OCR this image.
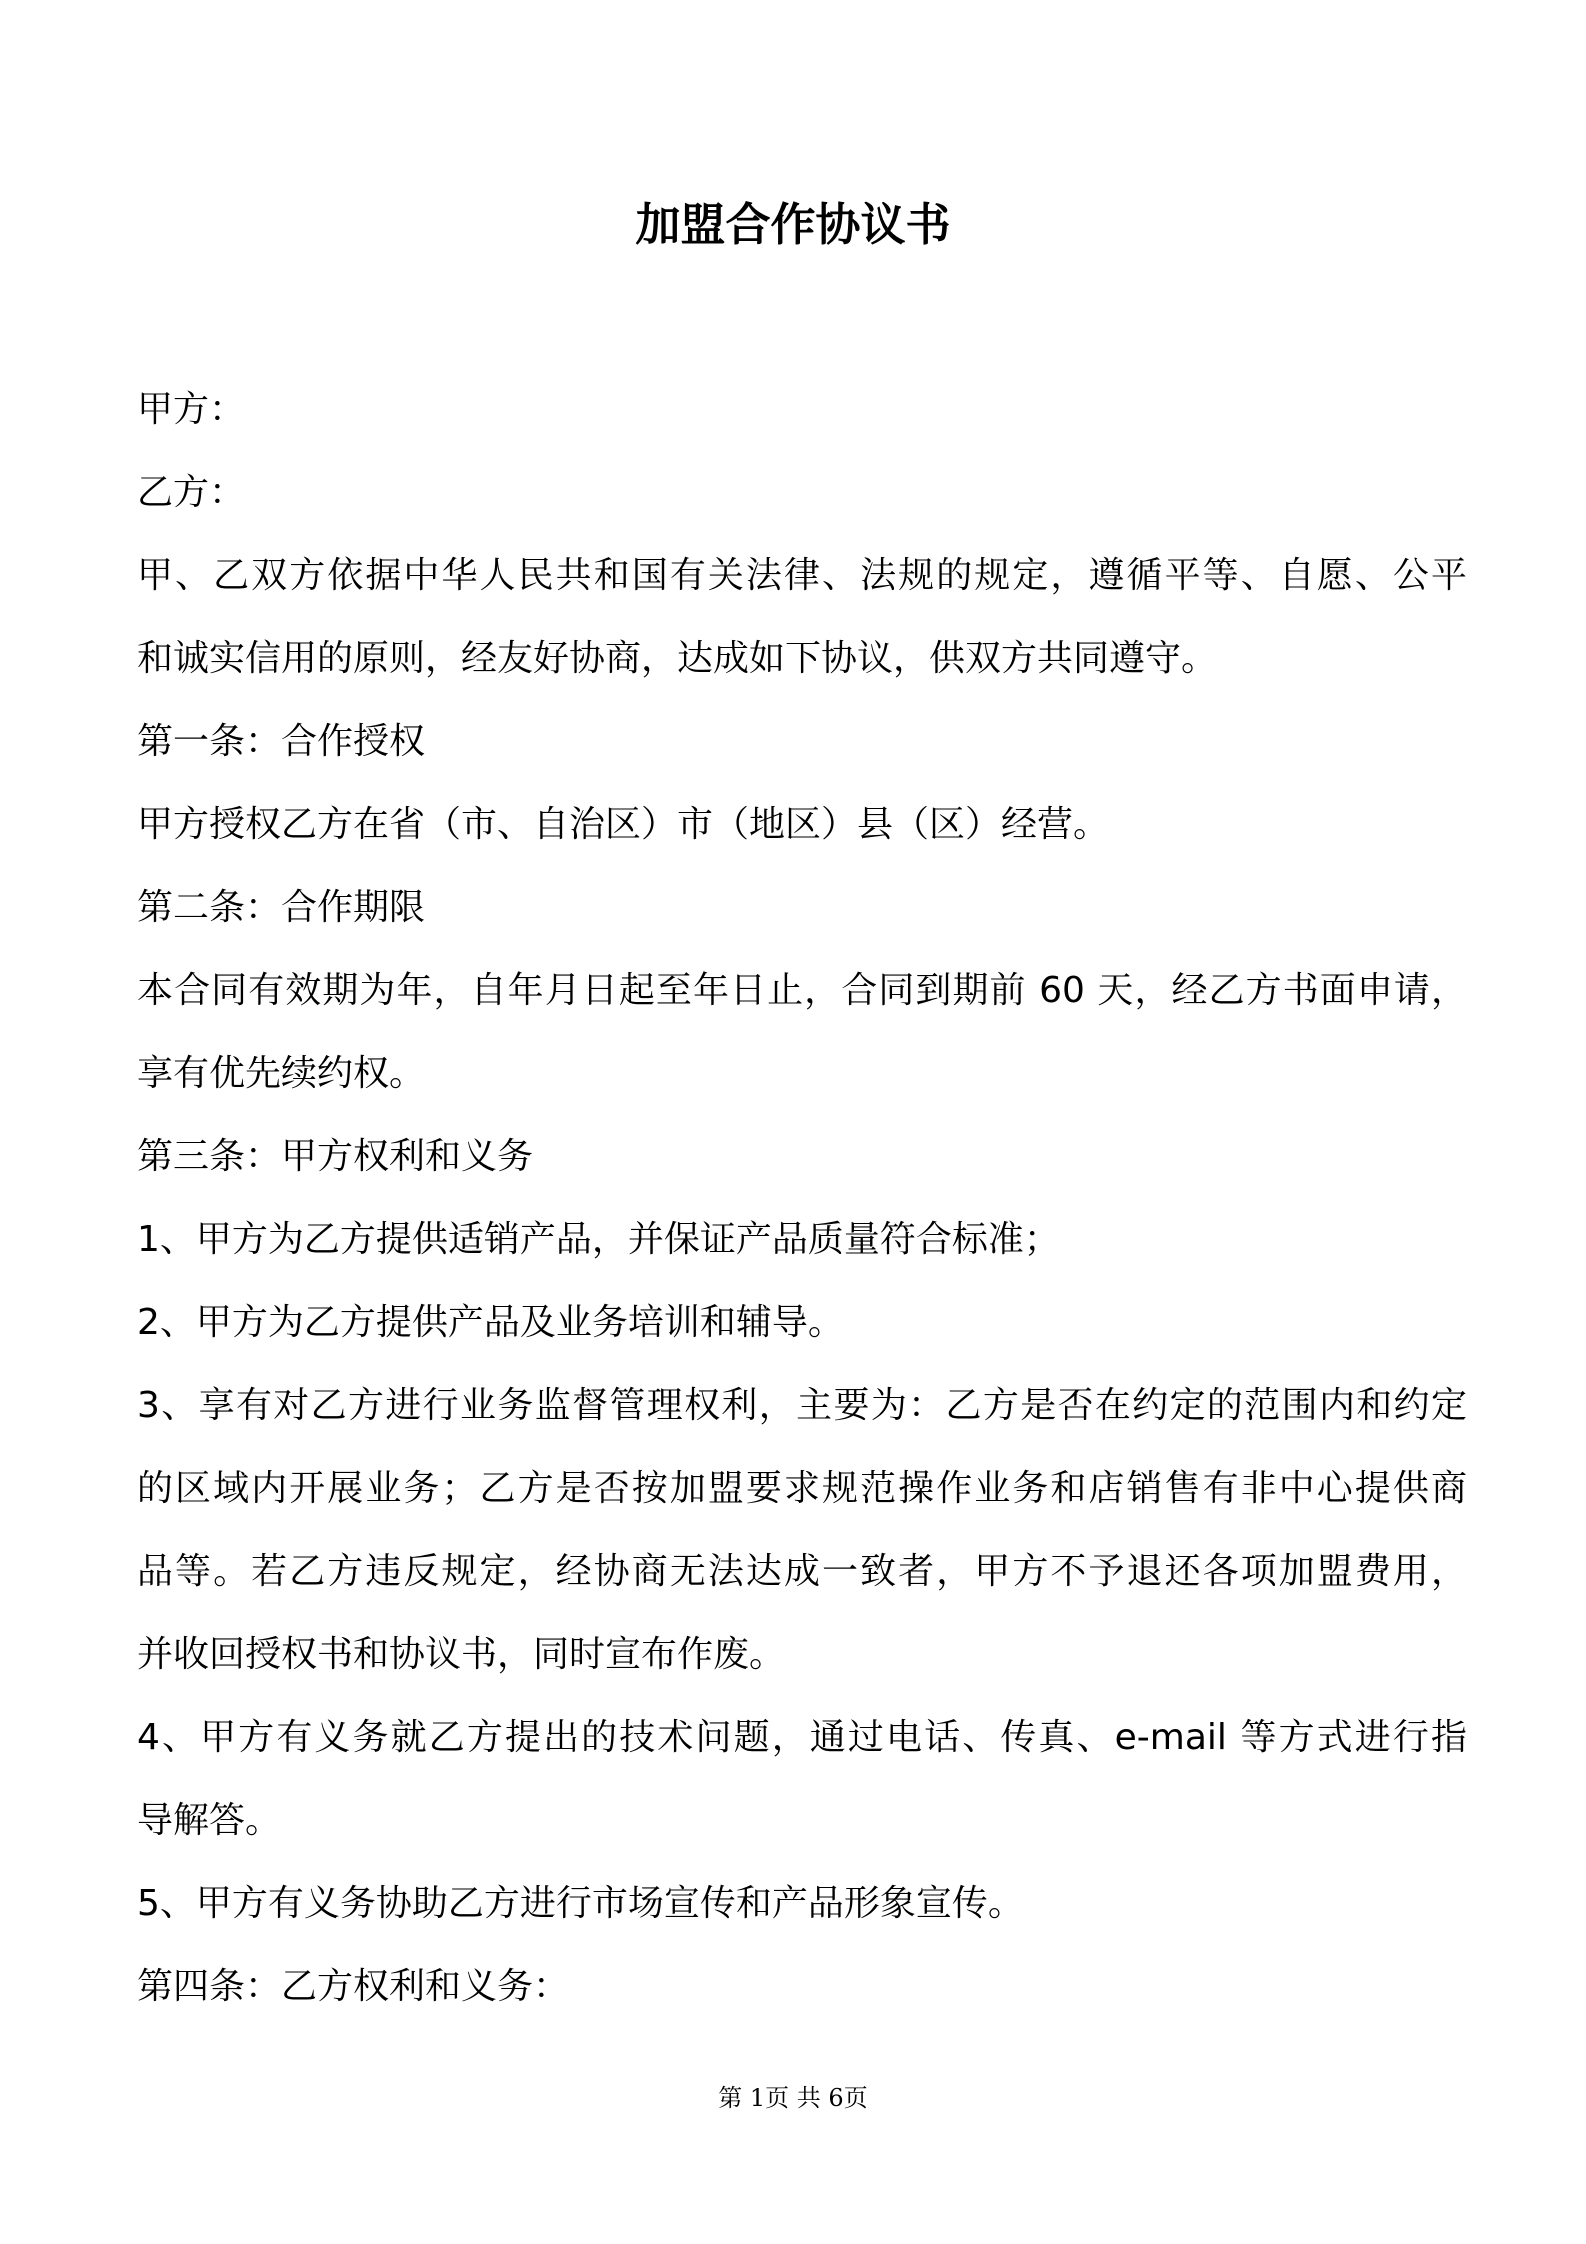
加盟合作协议书
甲方：
乙方：
甲、乙双方依据中华人民共和国有关法律、法规的规定，遵循平等、自愿、公平
和诚实信用的原则，经友好协商，达成如下协议，供双方共同遵守。
第一条：合作授权
甲方授权乙方在省（市、自治区）市（地区）县（区）经营。
第二条：合作期限
本合同有效期为年，自年月日起至年日止，合同到期前 60 天，经乙方书面申请，
享有优先续约权。
第三条：甲方权利和义务
1、甲方为乙方提供适销产品，并保证产品质量符合标准；
2、甲方为乙方提供产品及业务培训和辅导。
3、享有对乙方进行业务监督管理权利，主要为：乙方是否在约定的范围内和约定
的区域内开展业务；乙方是否按加盟要求规范操作业务和店销售有非中心提供商
品等。若乙方违反规定，经协商无法达成一致者，甲方不予退还各项加盟费用，
并收回授权书和协议书，同时宣布作废。
4、甲方有义务就乙方提出的技术问题，通过电话、传真、e-mail 等方式进行指
导解答。
5、甲方有义务协助乙方进行市场宣传和产品形象宣传。
第四条：乙方权利和义务：
第 1页 共 6页
